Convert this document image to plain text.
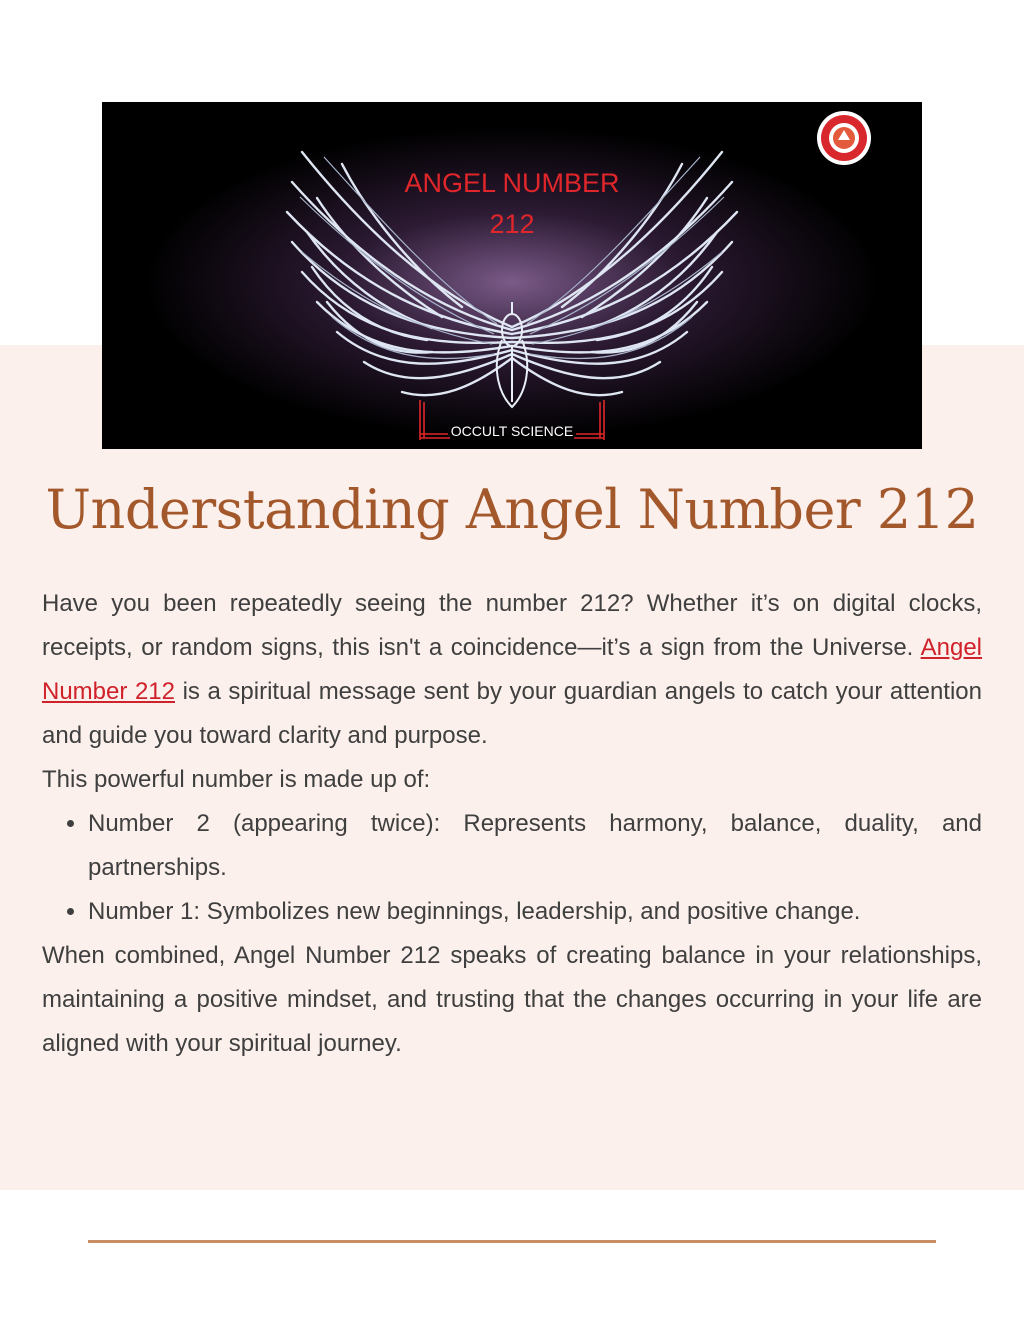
ANGEL NUMBER
212
OCCULT SCIENCE
Understanding Angel Number 212

Have you been repeatedly seeing the number 212? Whether it’s on digital clocks, receipts, or random signs, this isn't a coincidence—it’s a sign from the Universe. Angel Number 212 is a spiritual message sent by your guardian angels to catch your attention and guide you toward clarity and purpose.

This powerful number is made up of:

• Number 2 (appearing twice): Represents harmony, balance, duality, and partnerships.
• Number 1: Symbolizes new beginnings, leadership, and positive change.

When combined, Angel Number 212 speaks of creating balance in your relationships, maintaining a positive mindset, and trusting that the changes occurring in your life are aligned with your spiritual journey.
